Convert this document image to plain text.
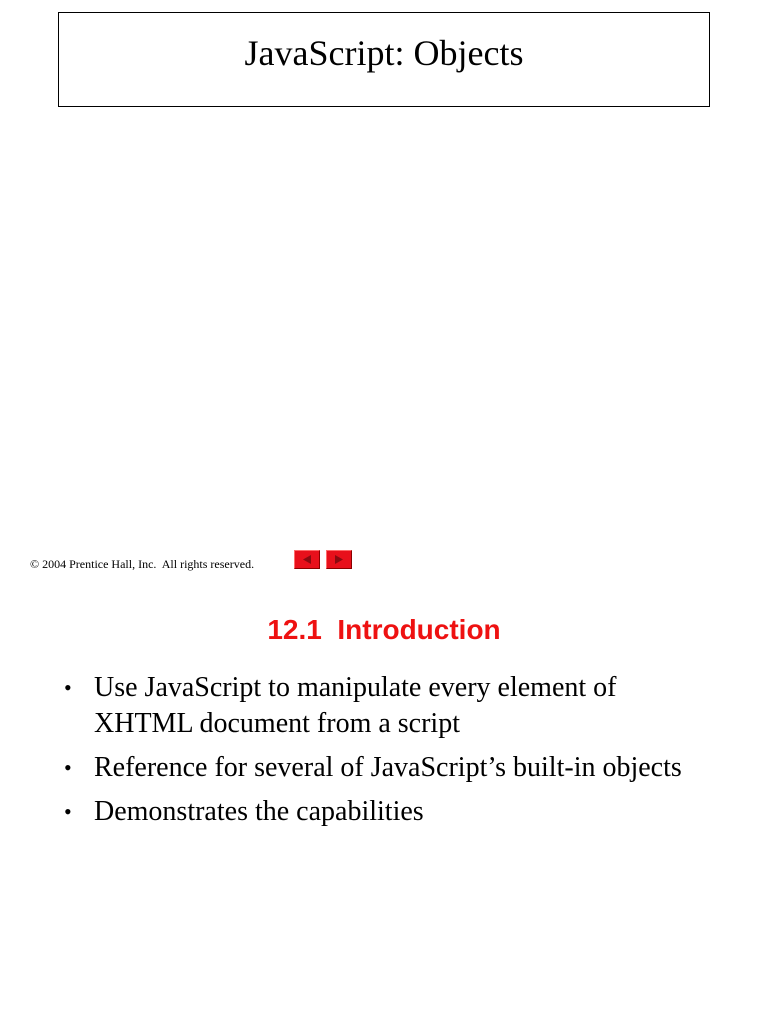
JavaScript: Objects
© 2004 Prentice Hall, Inc.  All rights reserved.
12.1  Introduction
• Use JavaScript to manipulate every element of XHTML document from a script
• Reference for several of JavaScript’s built-in objects
• Demonstrates the capabilities
